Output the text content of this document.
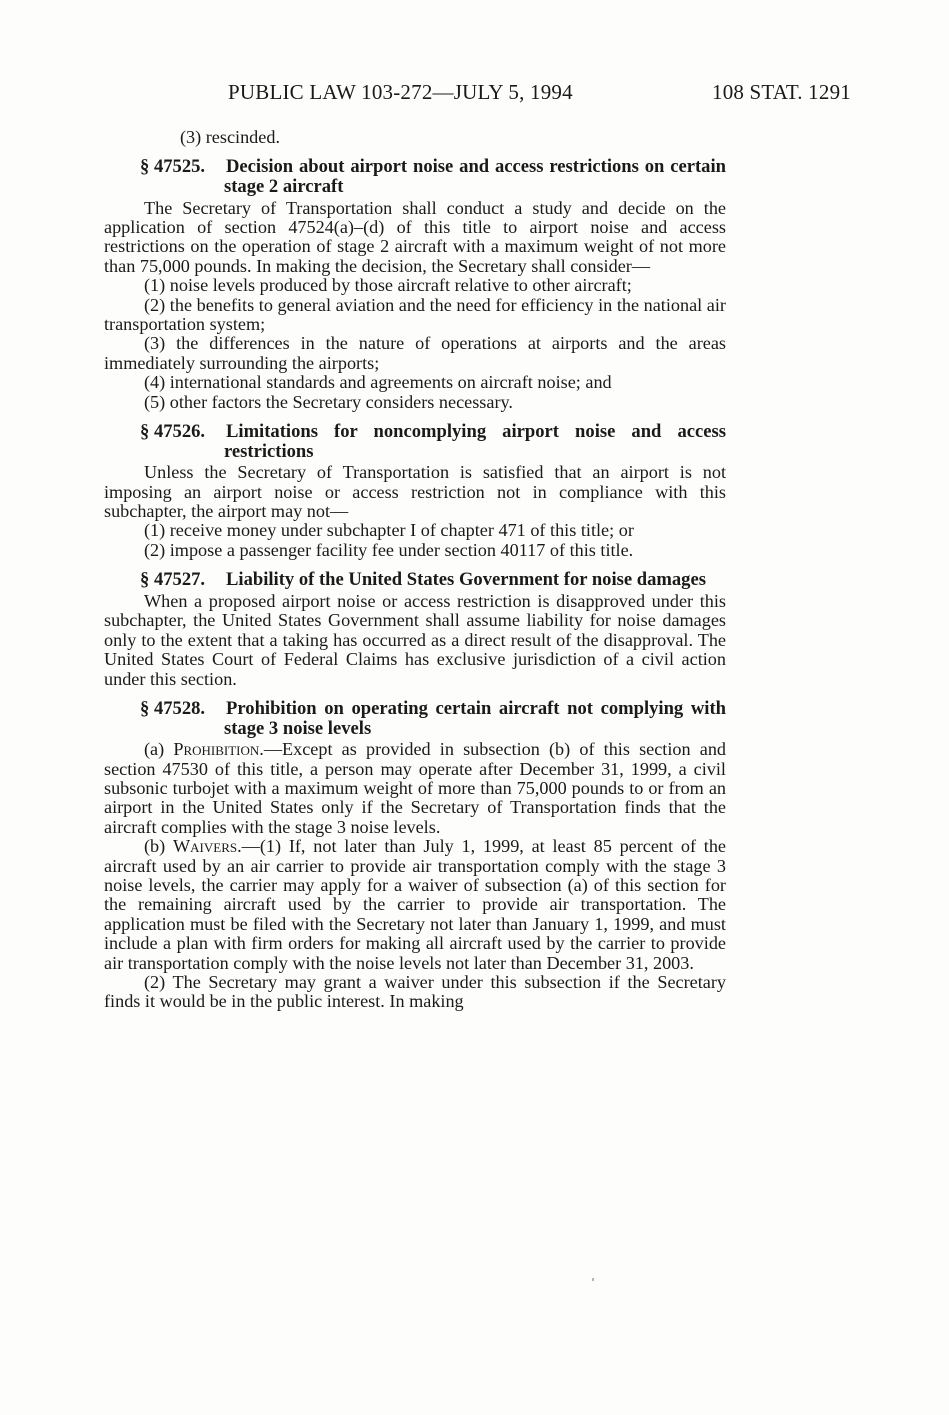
PUBLIC LAW 103-272—JULY 5, 1994	108 STAT. 1291

(3) rescinded.

§ 47525. Decision about airport noise and access restrictions on certain stage 2 aircraft

The Secretary of Transportation shall conduct a study and decide on the application of section 47524(a)–(d) of this title to airport noise and access restrictions on the operation of stage 2 aircraft with a maximum weight of not more than 75,000 pounds. In making the decision, the Secretary shall consider—

(1) noise levels produced by those aircraft relative to other aircraft;

(2) the benefits to general aviation and the need for efficiency in the national air transportation system;

(3) the differences in the nature of operations at airports and the areas immediately surrounding the airports;

(4) international standards and agreements on aircraft noise; and

(5) other factors the Secretary considers necessary.

§ 47526. Limitations for noncomplying airport noise and access restrictions

Unless the Secretary of Transportation is satisfied that an airport is not imposing an airport noise or access restriction not in compliance with this subchapter, the airport may not—

(1) receive money under subchapter I of chapter 471 of this title; or

(2) impose a passenger facility fee under section 40117 of this title.

§ 47527. Liability of the United States Government for noise damages

When a proposed airport noise or access restriction is disapproved under this subchapter, the United States Government shall assume liability for noise damages only to the extent that a taking has occurred as a direct result of the disapproval. The United States Court of Federal Claims has exclusive jurisdiction of a civil action under this section.

§ 47528. Prohibition on operating certain aircraft not complying with stage 3 noise levels

(a) Prohibition.—Except as provided in subsection (b) of this section and section 47530 of this title, a person may operate after December 31, 1999, a civil subsonic turbojet with a maximum weight of more than 75,000 pounds to or from an airport in the United States only if the Secretary of Transportation finds that the aircraft complies with the stage 3 noise levels.

(b) Waivers.—(1) If, not later than July 1, 1999, at least 85 percent of the aircraft used by an air carrier to provide air transportation comply with the stage 3 noise levels, the carrier may apply for a waiver of subsection (a) of this section for the remaining aircraft used by the carrier to provide air transportation. The application must be filed with the Secretary not later than January 1, 1999, and must include a plan with firm orders for making all aircraft used by the carrier to provide air transportation comply with the noise levels not later than December 31, 2003.

(2) The Secretary may grant a waiver under this subsection if the Secretary finds it would be in the public interest. In making
